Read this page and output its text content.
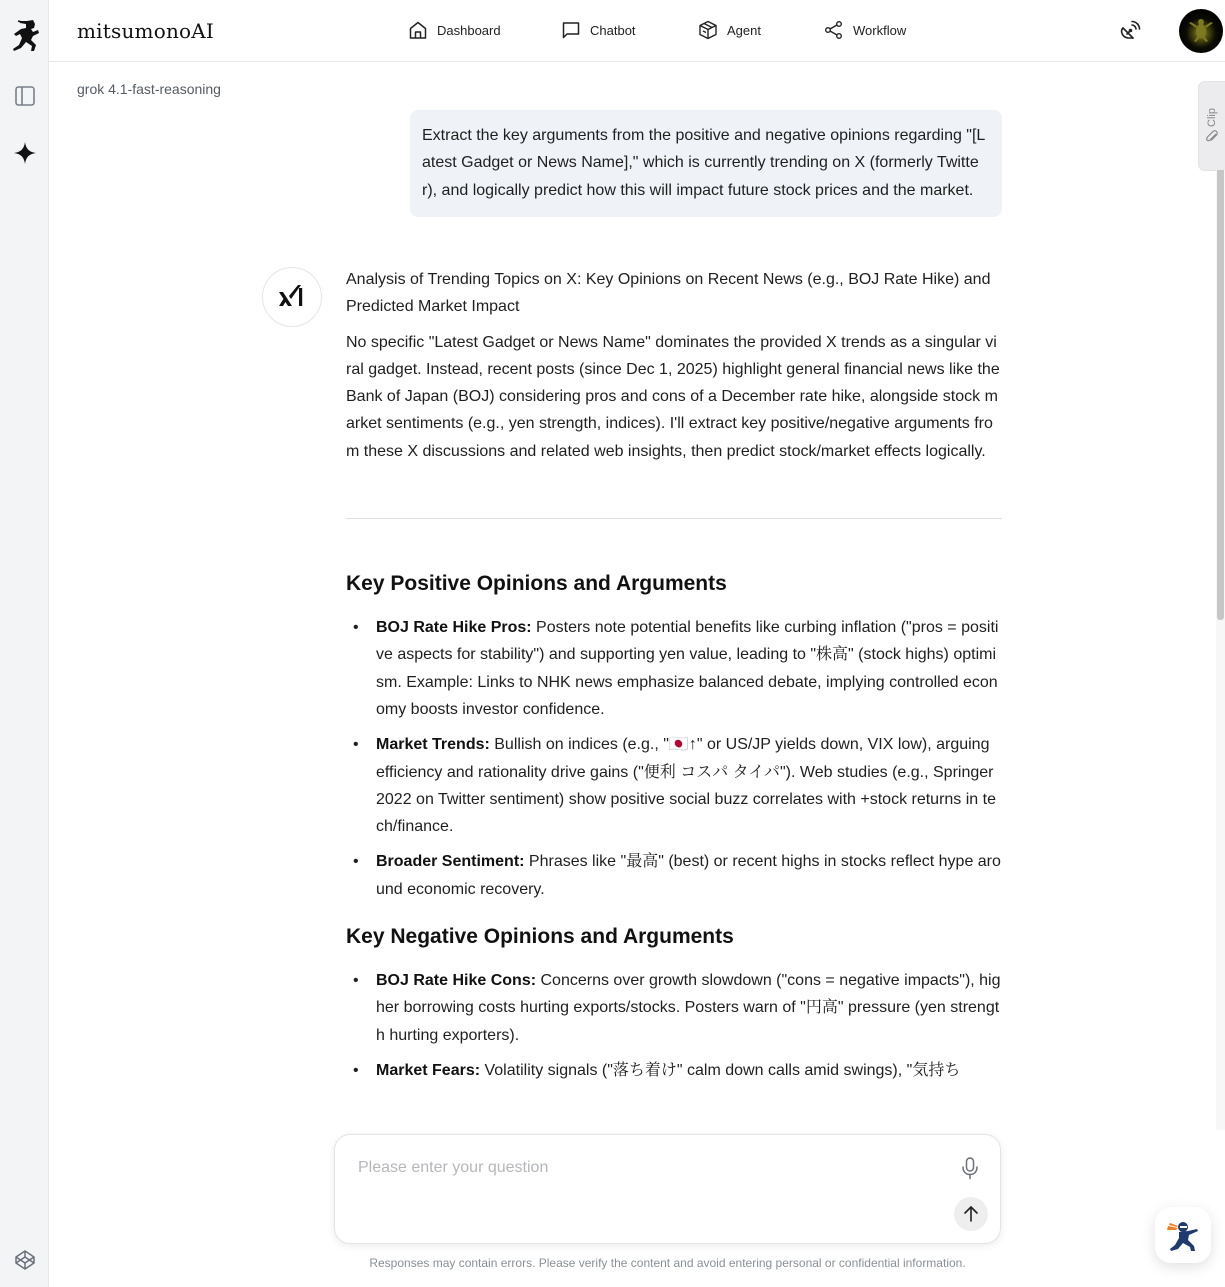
mitsumonoAI	Dashboard	Chatbot	Agent	Workflow
grok 4.1-fast-reasoning
Clip
Extract the key arguments from the positive and negative opinions regarding "[Latest Gadget or News Name]," which is currently trending on X (formerly Twitter), and logically predict how this will impact future stock prices and the market.

Analysis of Trending Topics on X: Key Opinions on Recent News (e.g., BOJ Rate Hike) and Predicted Market Impact

No specific "Latest Gadget or News Name" dominates the provided X trends as a singular viral gadget. Instead, recent posts (since Dec 1, 2025) highlight general financial news like the Bank of Japan (BOJ) considering pros and cons of a December rate hike, alongside stock market sentiments (e.g., yen strength, indices). I'll extract key positive/negative arguments from these X discussions and related web insights, then predict stock/market effects logically.

Key Positive Opinions and Arguments
• BOJ Rate Hike Pros: Posters note potential benefits like curbing inflation ("pros = positive aspects for stability") and supporting yen value, leading to "株高" (stock highs) optimism. Example: Links to NHK news emphasize balanced debate, implying controlled economy boosts investor confidence.
• Market Trends: Bullish on indices (e.g., "🇯🇵↑" or US/JP yields down, VIX low), arguing efficiency and rationality drive gains ("便利 コスパ タイパ"). Web studies (e.g., Springer 2022 on Twitter sentiment) show positive social buzz correlates with +stock returns in tech/finance.
• Broader Sentiment: Phrases like "最高" (best) or recent highs in stocks reflect hype around economic recovery.
Key Negative Opinions and Arguments
• BOJ Rate Hike Cons: Concerns over growth slowdown ("cons = negative impacts"), higher borrowing costs hurting exports/stocks. Posters warn of "円高" pressure (yen strength hurting exporters).
• Market Fears: Volatility signals ("落ち着け" calm down calls amid swings), "気持ち
Please enter your question
Responses may contain errors. Please verify the content and avoid entering personal or confidential information.
